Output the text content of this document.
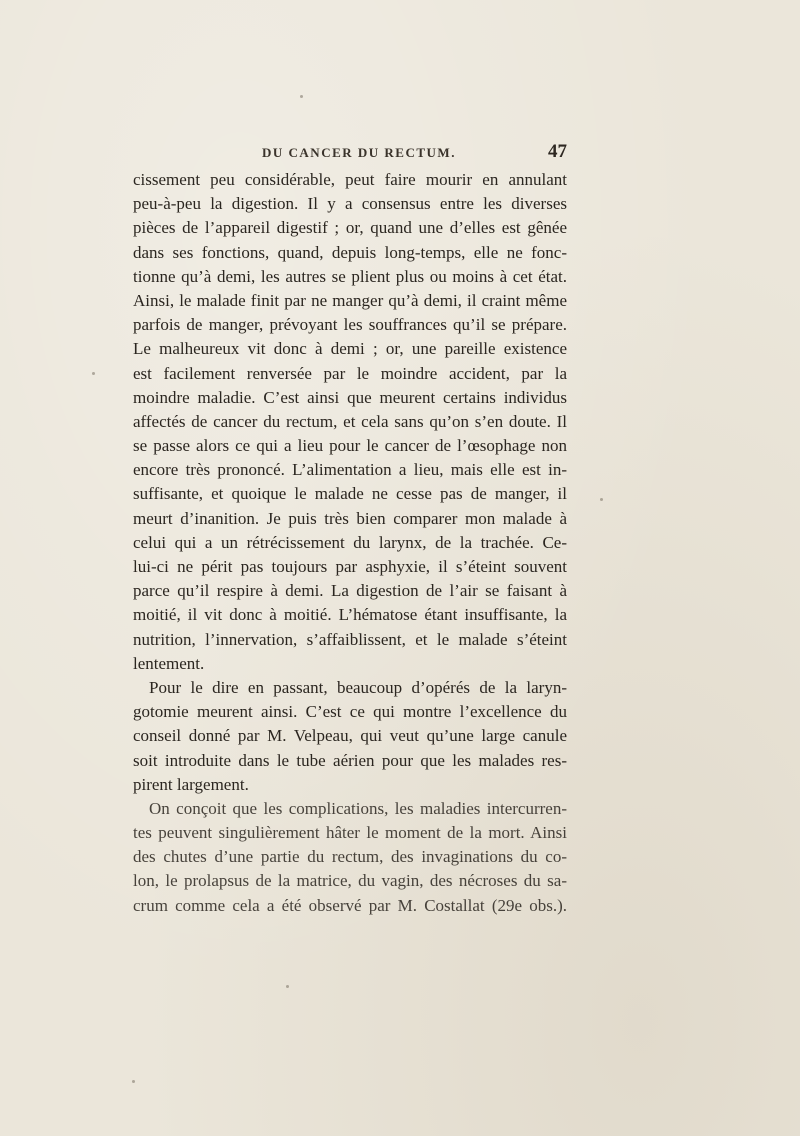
DU CANCER DU RECTUM.	47
cissement peu considérable, peut faire mourir en annulant
peu-à-peu la digestion. Il y a consensus entre les diverses
pièces de l’appareil digestif ; or, quand une d’elles est gênée
dans ses fonctions, quand, depuis long-temps, elle ne fonc-
tionne qu’à demi, les autres se plient plus ou moins à cet état.
Ainsi, le malade finit par ne manger qu’à demi, il craint même
parfois de manger, prévoyant les souffrances qu’il se prépare.
Le malheureux vit donc à demi ; or, une pareille existence
est facilement renversée par le moindre accident, par la
moindre maladie. C’est ainsi que meurent certains individus
affectés de cancer du rectum, et cela sans qu’on s’en doute. Il
se passe alors ce qui a lieu pour le cancer de l’œsophage non
encore très prononcé. L’alimentation a lieu, mais elle est in-
suffisante, et quoique le malade ne cesse pas de manger, il
meurt d’inanition. Je puis très bien comparer mon malade à
celui qui a un rétrécissement du larynx, de la trachée. Ce-
lui-ci ne périt pas toujours par asphyxie, il s’éteint souvent
parce qu’il respire à demi. La digestion de l’air se faisant à
moitié, il vit donc à moitié. L’hématose étant insuffisante, la
nutrition, l’innervation, s’affaiblissent, et le malade s’éteint
lentement.
Pour le dire en passant, beaucoup d’opérés de la laryn-
gotomie meurent ainsi. C’est ce qui montre l’excellence du
conseil donné par M. Velpeau, qui veut qu’une large canule
soit introduite dans le tube aérien pour que les malades res-
pirent largement.
On conçoit que les complications, les maladies intercurren-
tes peuvent singulièrement hâter le moment de la mort. Ainsi
des chutes d’une partie du rectum, des invaginations du co-
lon, le prolapsus de la matrice, du vagin, des nécroses du sa-
crum comme cela a été observé par M. Costallat (29e obs.).
